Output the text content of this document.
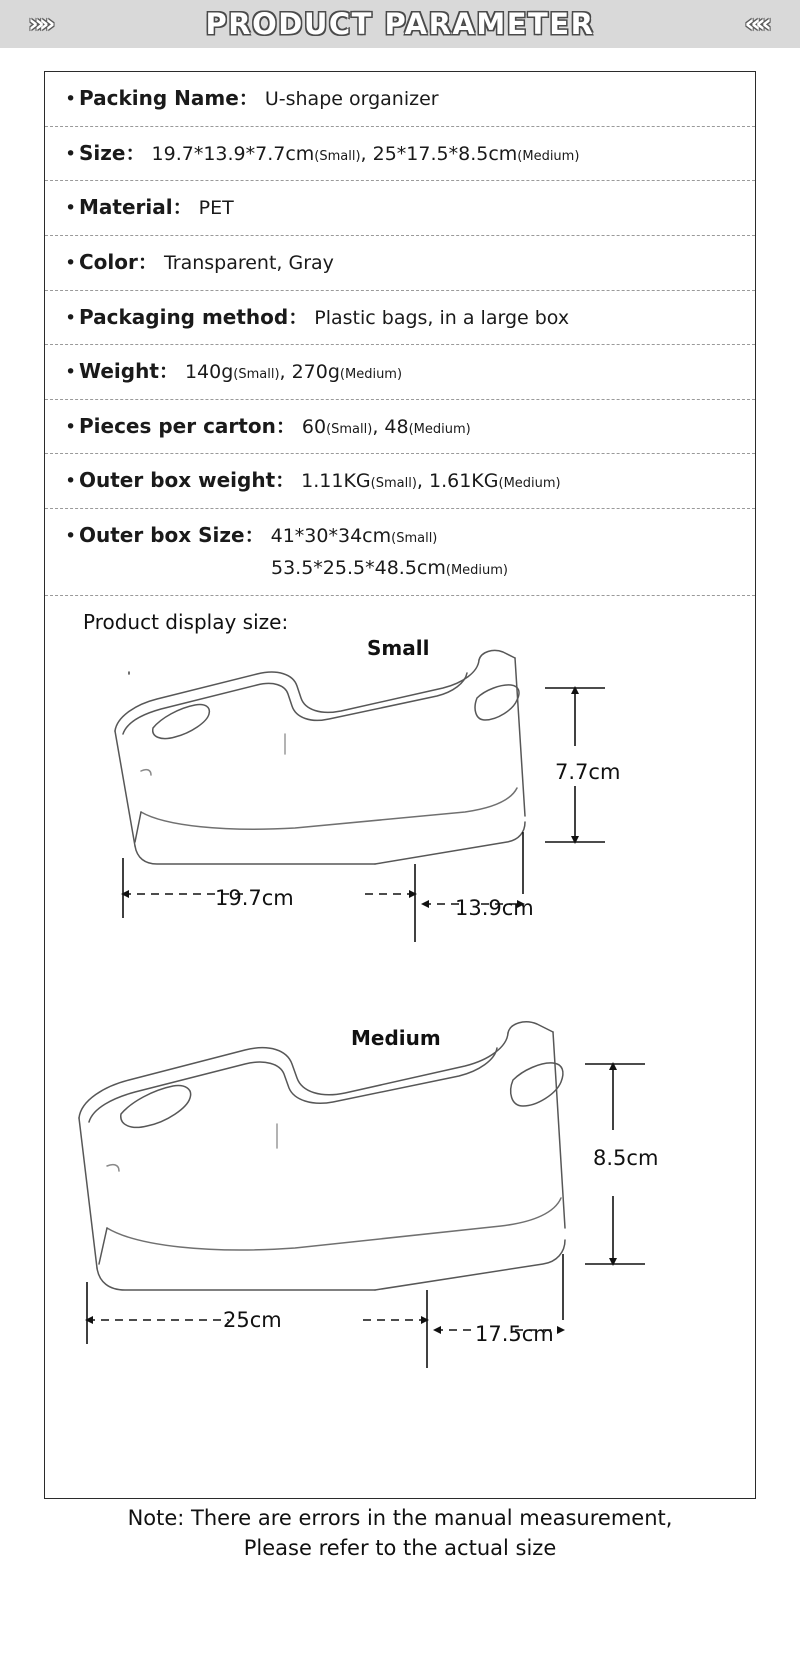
»»	PRODUCT PARAMETER	««
• Packing Name： U-shape organizer
• Size： 19.7*13.9*7.7cm(Small), 25*17.5*8.5cm(Medium)
• Material： PET
• Color： Transparent, Gray
• Packaging method： Plastic bags, in a large box
• Weight： 140g(Small), 270g(Medium)
• Pieces per carton： 60(Small), 48(Medium)
• Outer box weight： 1.11KG(Small), 1.61KG(Medium)
• Outer box Size： 41*30*34cm(Small)
53.5*25.5*48.5cm(Medium)
Product display size:
Small
7.7cm
19.7cm	13.9cm
Medium
8.5cm
25cm
17.5cm
Note: There are errors in the manual measurement,
Please refer to the actual size
